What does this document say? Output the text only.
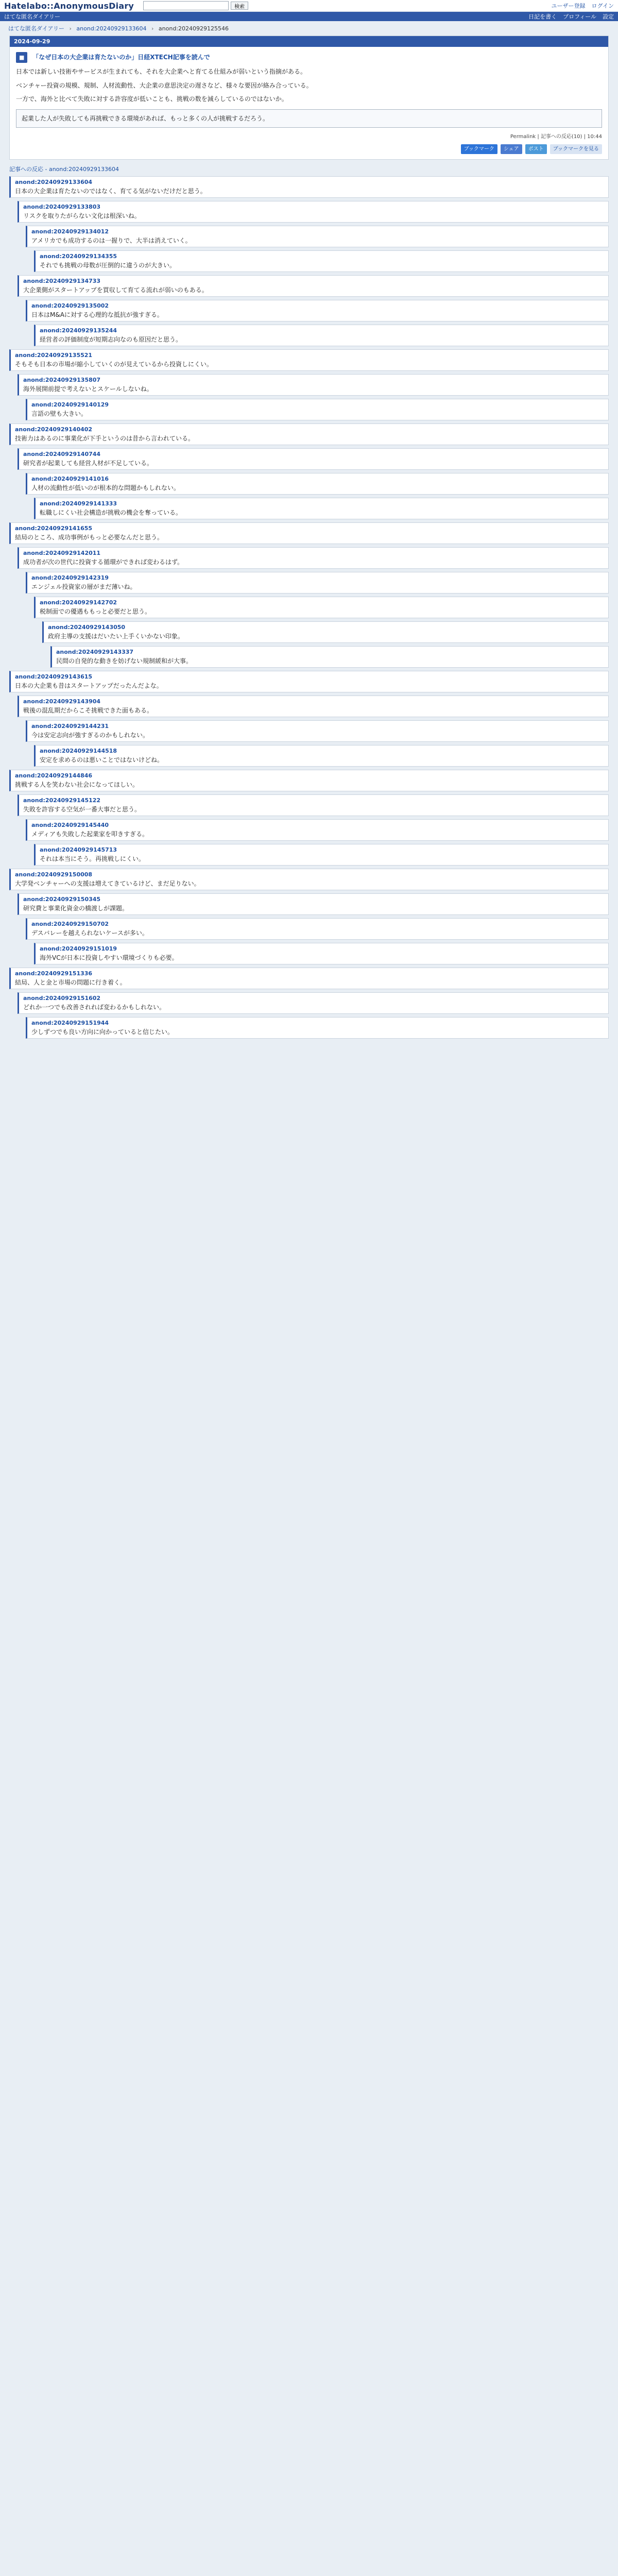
Hatelabo::AnonymousDiary	検索	ユーザー登録 ログイン
はてな匿名ダイアリー	日記を書く プロフィール 設定
はてな匿名ダイアリー › anond:20240929133604 › anond:20240929125546
2024-09-29
■ 「なぜ日本の大企業は育たないのか」日経XTECH記事を読んで

日本では新しい技術やサービスが生まれても、それを大企業へと育てる仕組みが弱いという指摘がある。

ベンチャー投資の規模、規制、人材流動性、大企業の意思決定の遅さなど、様々な要因が絡み合っている。

一方で、海外と比べて失敗に対する許容度が低いことも、挑戦の数を減らしているのではないか。

起業した人が失敗しても再挑戦できる環境があれば、もっと多くの人が挑戦するだろう。
Permalink | 記事への反応(10) | 10:44
ブックマーク	シェア	ポスト	ブックマークを見る
記事への反応 - anond:20240929133604
anond:20240929133604
日本の大企業は育たないのではなく、育てる気がないだけだと思う。
anond:20240929133803
リスクを取りたがらない文化は根深いね。
anond:20240929134012
アメリカでも成功するのは一握りで、大半は消えていく。
anond:20240929134355
それでも挑戦の母数が圧倒的に違うのが大きい。
anond:20240929134733
大企業側がスタートアップを買収して育てる流れが弱いのもある。
anond:20240929135002
日本はM&Aに対する心理的な抵抗が強すぎる。
anond:20240929135244
経営者の評価制度が短期志向なのも原因だと思う。
anond:20240929135521
そもそも日本の市場が縮小していくのが見えているから投資しにくい。
anond:20240929135807
海外展開前提で考えないとスケールしないね。
anond:20240929140129
言語の壁も大きい。
anond:20240929140402
技術力はあるのに事業化が下手というのは昔から言われている。
anond:20240929140744
研究者が起業しても経営人材が不足している。
anond:20240929141016
人材の流動性が低いのが根本的な問題かもしれない。
anond:20240929141333
転職しにくい社会構造が挑戦の機会を奪っている。
anond:20240929141655
結局のところ、成功事例がもっと必要なんだと思う。
anond:20240929142011
成功者が次の世代に投資する循環ができれば変わるはず。
anond:20240929142319
エンジェル投資家の層がまだ薄いね。
anond:20240929142702
税制面での優遇ももっと必要だと思う。
anond:20240929143050
政府主導の支援はだいたい上手くいかない印象。
anond:20240929143337
民間の自発的な動きを妨げない規制緩和が大事。
anond:20240929143615
日本の大企業も昔はスタートアップだったんだよな。
anond:20240929143904
戦後の混乱期だからこそ挑戦できた面もある。
anond:20240929144231
今は安定志向が強すぎるのかもしれない。
anond:20240929144518
安定を求めるのは悪いことではないけどね。
anond:20240929144846
挑戦する人を笑わない社会になってほしい。
anond:20240929145122
失敗を許容する空気が一番大事だと思う。
anond:20240929145440
メディアも失敗した起業家を叩きすぎる。
anond:20240929145713
それは本当にそう。再挑戦しにくい。
anond:20240929150008
大学発ベンチャーへの支援は増えてきているけど、まだ足りない。
anond:20240929150345
研究費と事業化資金の橋渡しが課題。
anond:20240929150702
デスバレーを越えられないケースが多い。
anond:20240929151019
海外VCが日本に投資しやすい環境づくりも必要。
anond:20240929151336
結局、人と金と市場の問題に行き着く。
anond:20240929151602
どれか一つでも改善されれば変わるかもしれない。
anond:20240929151944
少しずつでも良い方向に向かっていると信じたい。
